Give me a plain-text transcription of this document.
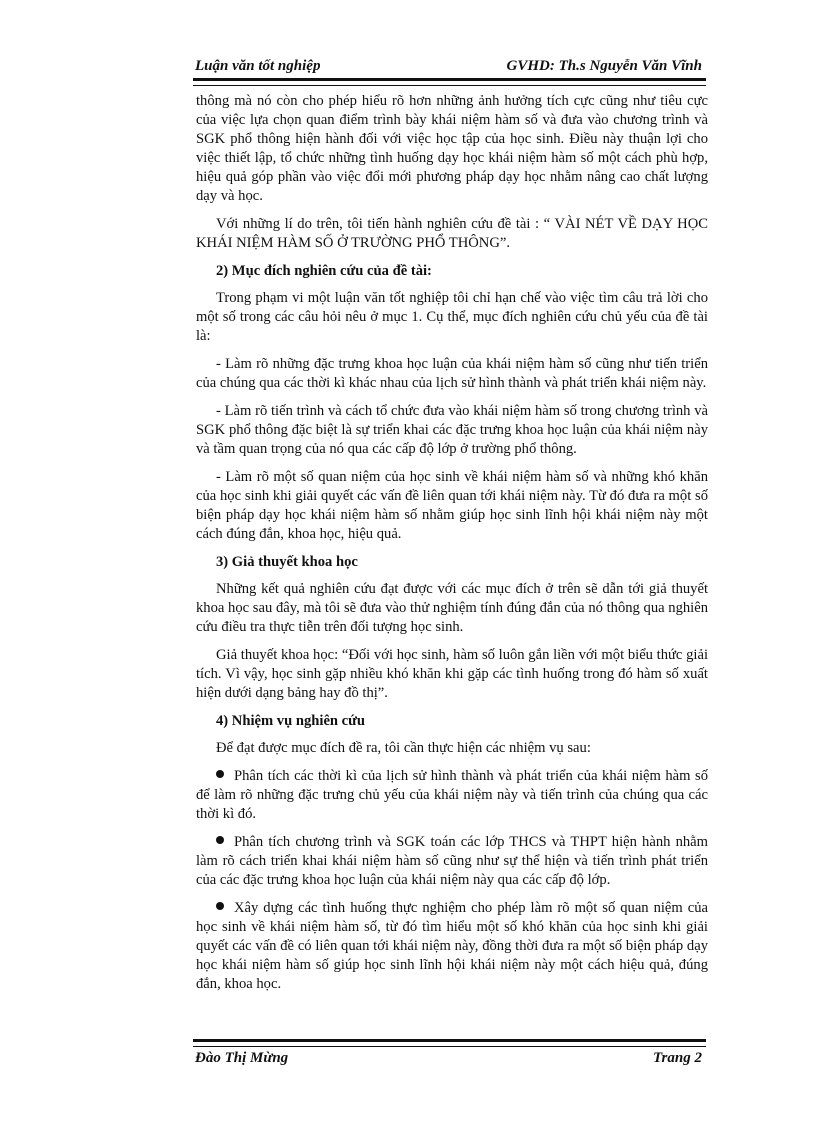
Luận văn tốt nghiệp	GVHD: Th.s Nguyễn Văn Vĩnh

thông mà nó còn cho phép hiểu rõ hơn những ảnh hưởng tích cực cũng như tiêu cực của việc lựa chọn quan điểm trình bày khái niệm hàm số và đưa vào chương trình và SGK phổ thông hiện hành đối với việc học tập của học sinh. Điều này thuận lợi cho việc thiết lập, tổ chức những tình huống dạy học khái niệm hàm số một cách phù hợp, hiệu quả góp phần vào việc đổi mới phương pháp dạy học nhằm nâng cao chất lượng dạy và học.

Với những lí do trên, tôi tiến hành nghiên cứu đề tài : “ VÀI NÉT VỀ DẠY HỌC KHÁI NIỆM HÀM SỐ Ở TRƯỜNG PHỔ THÔNG”.

2) Mục đích nghiên cứu của đề tài:

Trong phạm vi một luận văn tốt nghiệp tôi chỉ hạn chế vào việc tìm câu trả lời cho một số trong các câu hỏi nêu ở mục 1. Cụ thể, mục đích nghiên cứu chủ yếu của đề tài là:

- Làm rõ những đặc trưng khoa học luận của khái niệm hàm số cũng như tiến triển của chúng qua các thời kì khác nhau của lịch sử hình thành và phát triển khái niệm này.

- Làm rõ tiến trình và cách tổ chức đưa vào khái niệm hàm số trong chương trình và SGK phổ thông đặc biệt là sự triển khai các đặc trưng khoa học luận của khái niệm này và tầm quan trọng của nó qua các cấp độ lớp ở trường phổ thông.

- Làm rõ một số quan niệm của học sinh về khái niệm hàm số và những khó khăn của học sinh khi giải quyết các vấn đề liên quan tới khái niệm này. Từ đó đưa ra một số biện pháp dạy học khái niệm hàm số nhằm giúp học sinh lĩnh hội khái niệm này một cách đúng đắn, khoa học, hiệu quả.

3) Giả thuyết khoa học

Những kết quả nghiên cứu đạt được với các mục đích ở trên sẽ dẫn tới giả thuyết khoa học sau đây, mà tôi sẽ đưa vào thử nghiệm tính đúng đắn của nó thông qua nghiên cứu điều tra thực tiễn trên đối tượng học sinh.

Giả thuyết khoa học: “Đối với học sinh, hàm số luôn gắn liền với một biểu thức giải tích. Vì vậy, học sinh gặp nhiều khó khăn khi gặp các tình huống trong đó hàm số xuất hiện dưới dạng bảng hay đồ thị”.

4) Nhiệm vụ nghiên cứu

Để đạt được mục đích đề ra, tôi cần thực hiện các nhiệm vụ sau:

Phân tích các thời kì của lịch sử hình thành và phát triển của khái niệm hàm số để làm rõ những đặc trưng chủ yếu của khái niệm này và tiến trình của chúng qua các thời kì đó.

Phân tích chương trình và SGK toán các lớp THCS và THPT hiện hành nhằm làm rõ cách triển khai khái niệm hàm số cũng như sự thể hiện và tiến trình phát triển của các đặc trưng khoa học luận của khái niệm này qua các cấp độ lớp.

Xây dựng các tình huống thực nghiệm cho phép làm rõ một số quan niệm của học sinh về khái niệm hàm số, từ đó tìm hiểu một số khó khăn của học sinh khi giải quyết các vấn đề có liên quan tới khái niệm này, đồng thời đưa ra một số biện pháp dạy học khái niệm hàm số giúp học sinh lĩnh hội khái niệm này một cách hiệu quả, đúng đắn, khoa học.

Đào Thị Mừng	Trang 2
